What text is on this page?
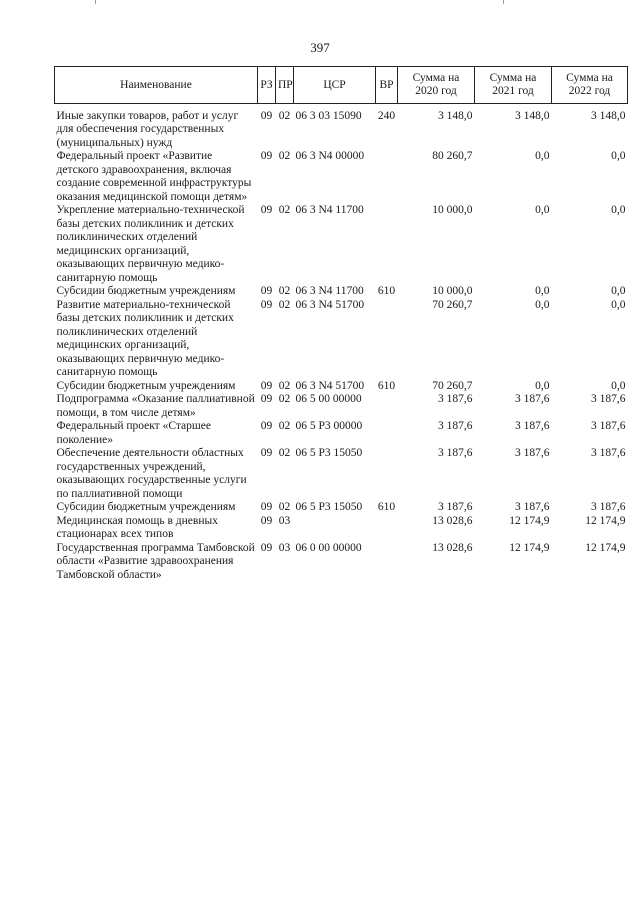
397
Наименование	РЗ	ПР	ЦСР	ВР	Сумма на 2020 год	Сумма на 2021 год	Сумма на 2022 год

Иные закупки товаров, работ и услуг для обеспечения государственных (муниципальных) нужд	09	02	06 3 03 15090	240	3 148,0	3 148,0	3 148,0
Федеральный проект «Развитие детского здравоохранения, включая создание современной инфраструктуры оказания медицинской помощи детям»	09	02	06 3 N4 00000		80 260,7	0,0	0,0
Укрепление материально-технической базы детских поликлиник и детских поликлинических отделений медицинских организаций, оказывающих первичную медико-санитарную помощь	09	02	06 3 N4 11700		10 000,0	0,0	0,0
Субсидии бюджетным учреждениям	09	02	06 3 N4 11700	610	10 000,0	0,0	0,0
Развитие материально-технической базы детских поликлиник и детских поликлинических отделений медицинских организаций, оказывающих первичную медико-санитарную помощь	09	02	06 3 N4 51700		70 260,7	0,0	0,0
Субсидии бюджетным учреждениям	09	02	06 3 N4 51700	610	70 260,7	0,0	0,0
Подпрограмма «Оказание паллиативной помощи, в том числе детям»	09	02	06 5 00 00000		3 187,6	3 187,6	3 187,6
Федеральный проект «Старшее поколение»	09	02	06 5 P3 00000		3 187,6	3 187,6	3 187,6
Обеспечение деятельности областных государственных учреждений, оказывающих государственные услуги по паллиативной помощи	09	02	06 5 P3 15050		3 187,6	3 187,6	3 187,6
Субсидии бюджетным учреждениям	09	02	06 5 P3 15050	610	3 187,6	3 187,6	3 187,6
Медицинская помощь в дневных стационарах всех типов	09	03			13 028,6	12 174,9	12 174,9
Государственная программа Тамбовской области «Развитие здравоохранения Тамбовской области»	09	03	06 0 00 00000		13 028,6	12 174,9	12 174,9
